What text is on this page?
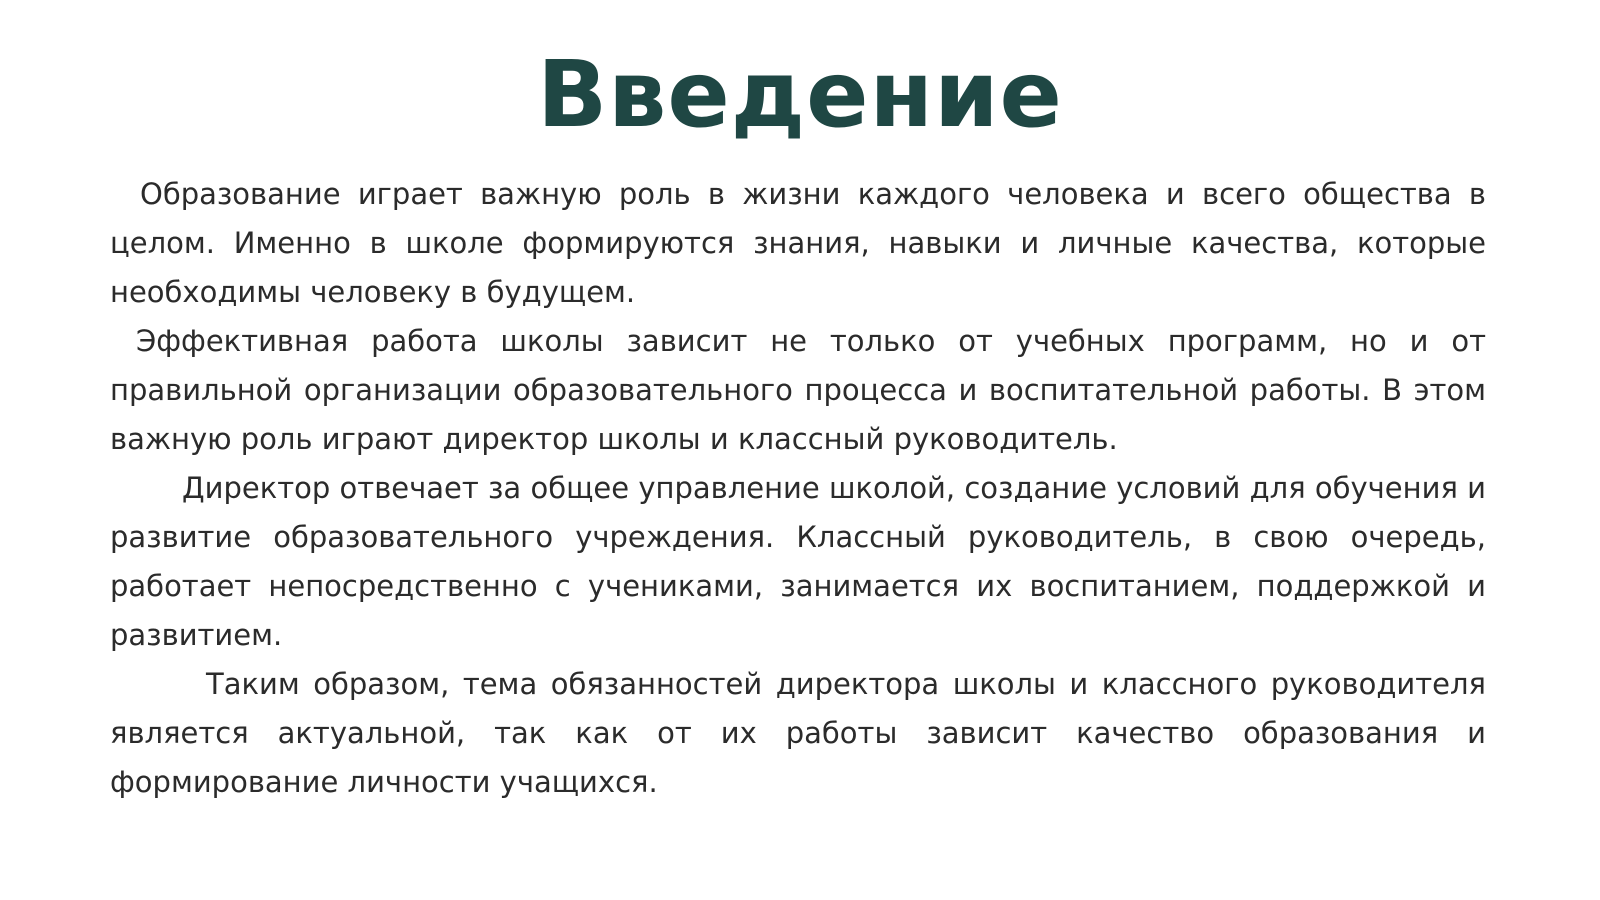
Введение

Образование играет важную роль в жизни каждого человека и всего общества в целом. Именно в школе формируются знания, навыки и личные качества, которые необходимы человеку в будущем.

Эффективная работа школы зависит не только от учебных программ, но и от правильной организации образовательного процесса и воспитательной работы. В этом важную роль играют директор школы и классный руководитель.

Директор отвечает за общее управление школой, создание условий для обучения и развитие образовательного учреждения. Классный руководитель, в свою очередь, работает непосредственно с учениками, занимается их воспитанием, поддержкой и развитием.

Таким образом, тема обязанностей директора школы и классного руководителя является актуальной, так как от их работы зависит качество образования и формирование личности учащихся.
